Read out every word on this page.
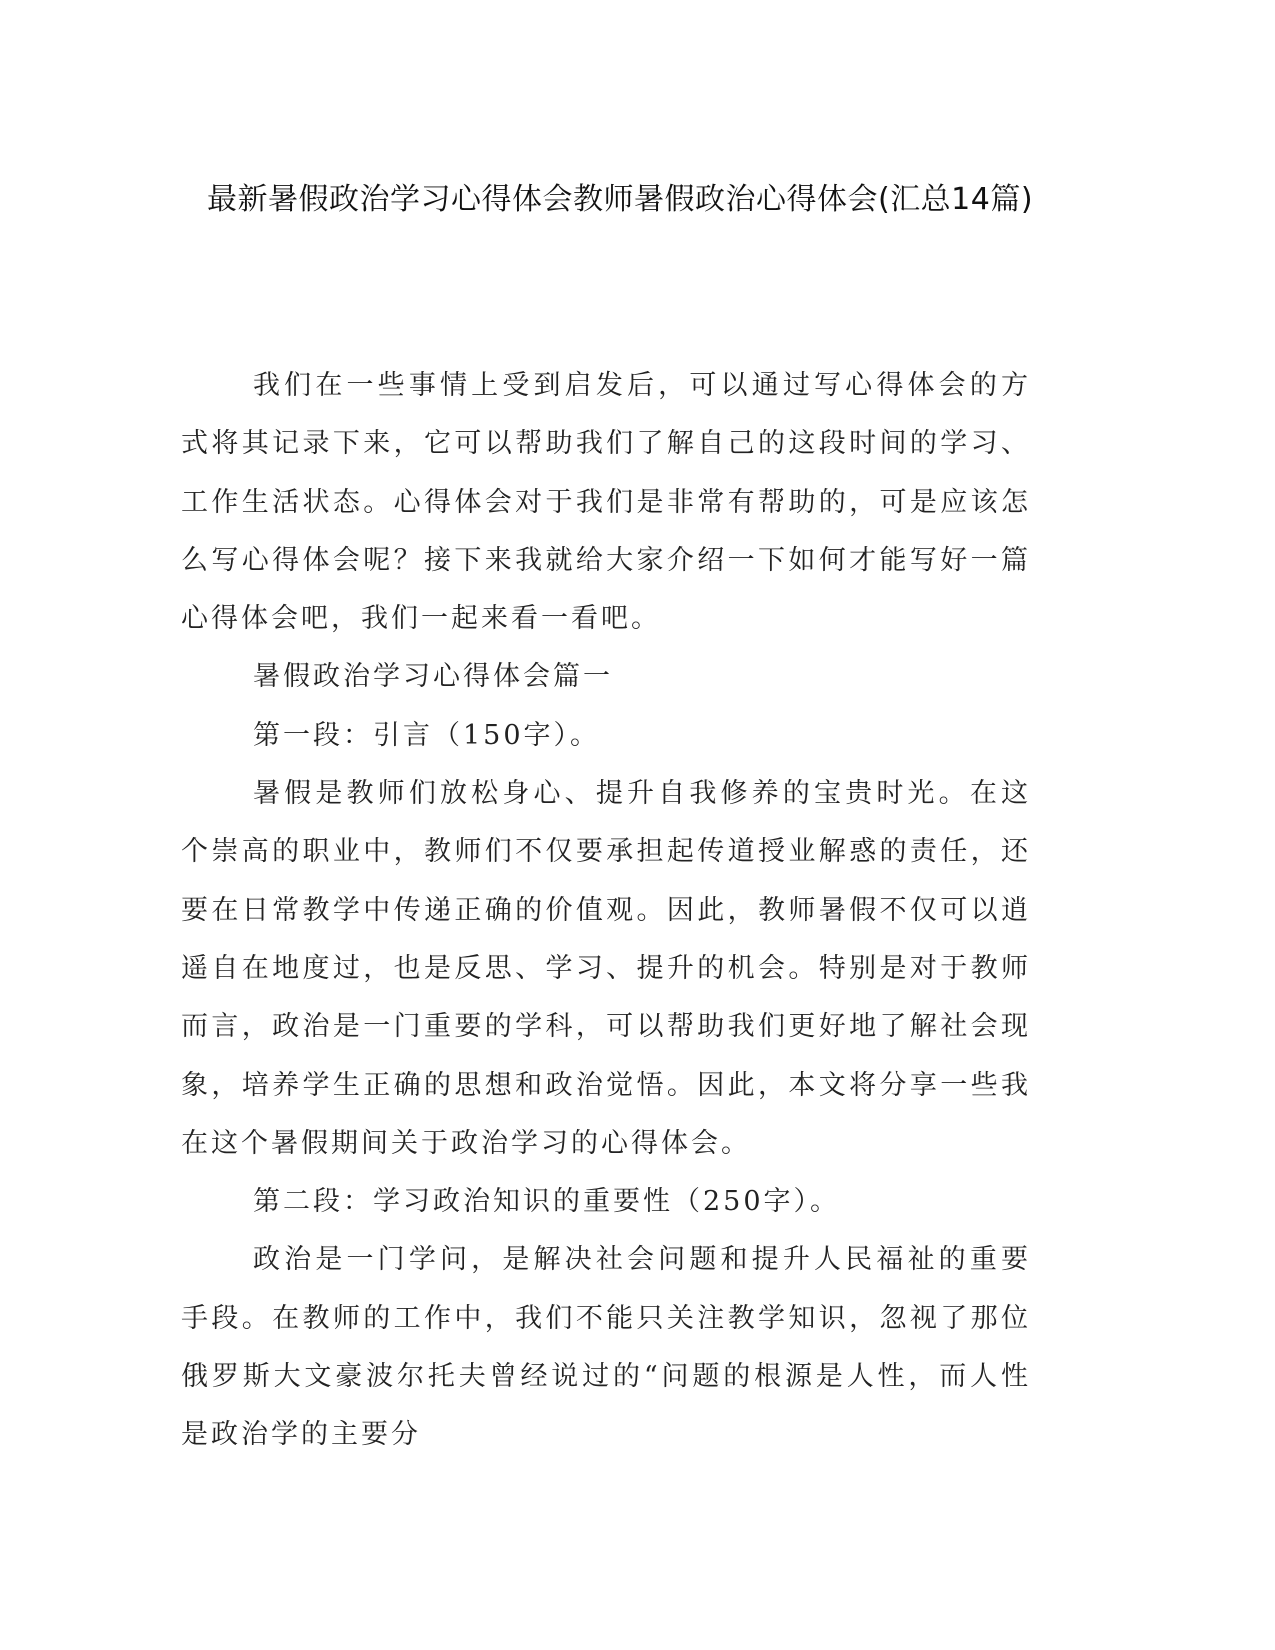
最新暑假政治学习心得体会教师暑假政治心得体会(汇总14篇)

我们在一些事情上受到启发后，可以通过写心得体会的方式将其记录下来，它可以帮助我们了解自己的这段时间的学习、工作生活状态。心得体会对于我们是非常有帮助的，可是应该怎么写心得体会呢？接下来我就给大家介绍一下如何才能写好一篇心得体会吧，我们一起来看一看吧。

暑假政治学习心得体会篇一

第一段：引言（150字）。

暑假是教师们放松身心、提升自我修养的宝贵时光。在这个崇高的职业中，教师们不仅要承担起传道授业解惑的责任，还要在日常教学中传递正确的价值观。因此，教师暑假不仅可以逍遥自在地度过，也是反思、学习、提升的机会。特别是对于教师而言，政治是一门重要的学科，可以帮助我们更好地了解社会现象，培养学生正确的思想和政治觉悟。因此，本文将分享一些我在这个暑假期间关于政治学习的心得体会。

第二段：学习政治知识的重要性（250字）。

政治是一门学问，是解决社会问题和提升人民福祉的重要手段。在教师的工作中，我们不能只关注教学知识，忽视了那位俄罗斯大文豪波尔托夫曾经说过的“问题的根源是人性，而人性是政治学的主要分
